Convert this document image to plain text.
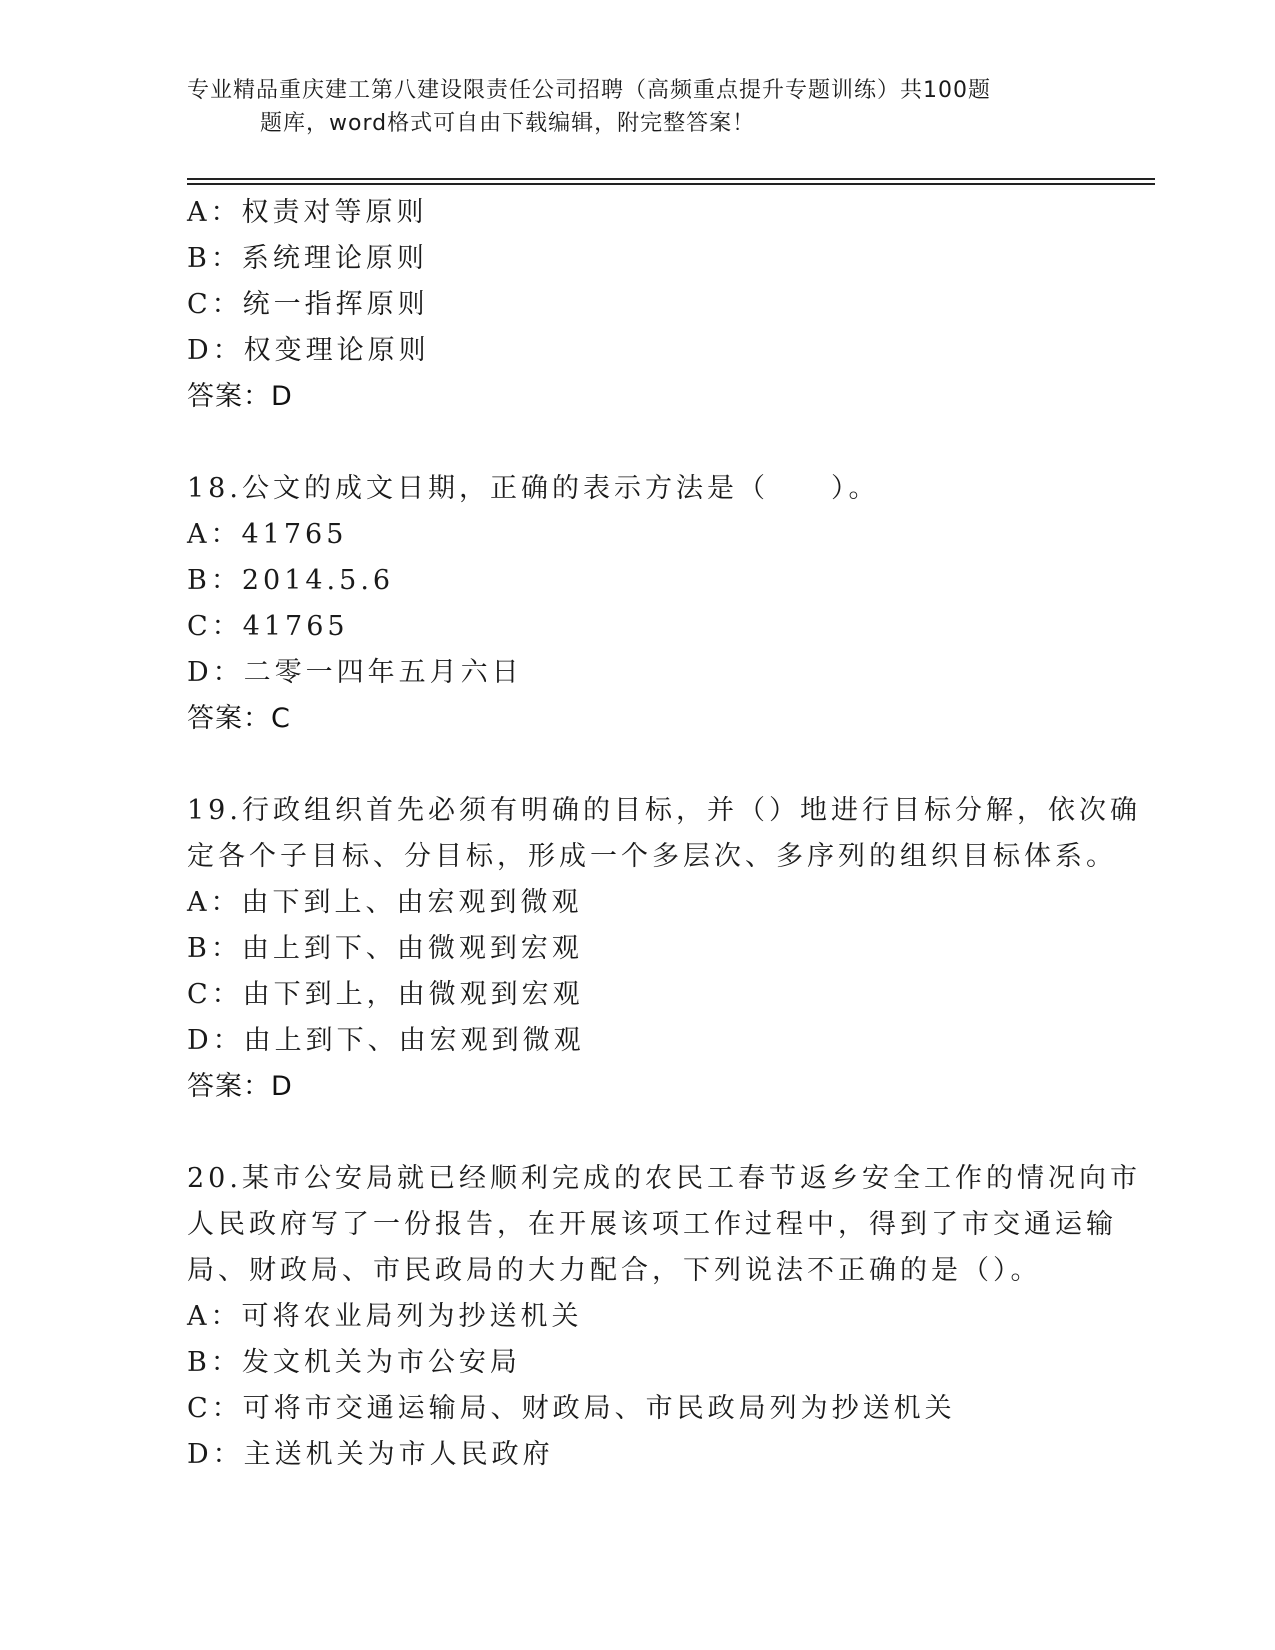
专业精品重庆建工第八建设限责任公司招聘（高频重点提升专题训练）共100题
题库，word格式可自由下载编辑，附完整答案！
A：权责对等原则
B：系统理论原则
C：统一指挥原则
D：权变理论原则
答案：D
18.公文的成文日期，正确的表示方法是（　　）。
A：41765
B：2014.5.6
C：41765
D：二零一四年五月六日
答案：C
19.行政组织首先必须有明确的目标，并（）地进行目标分解，依次确
定各个子目标、分目标，形成一个多层次、多序列的组织目标体系。
A：由下到上、由宏观到微观
B：由上到下、由微观到宏观
C：由下到上，由微观到宏观
D：由上到下、由宏观到微观
答案：D
20.某市公安局就已经顺利完成的农民工春节返乡安全工作的情况向市
人民政府写了一份报告，在开展该项工作过程中，得到了市交通运输
局、财政局、市民政局的大力配合，下列说法不正确的是（）。
A：可将农业局列为抄送机关
B：发文机关为市公安局
C：可将市交通运输局、财政局、市民政局列为抄送机关
D：主送机关为市人民政府
